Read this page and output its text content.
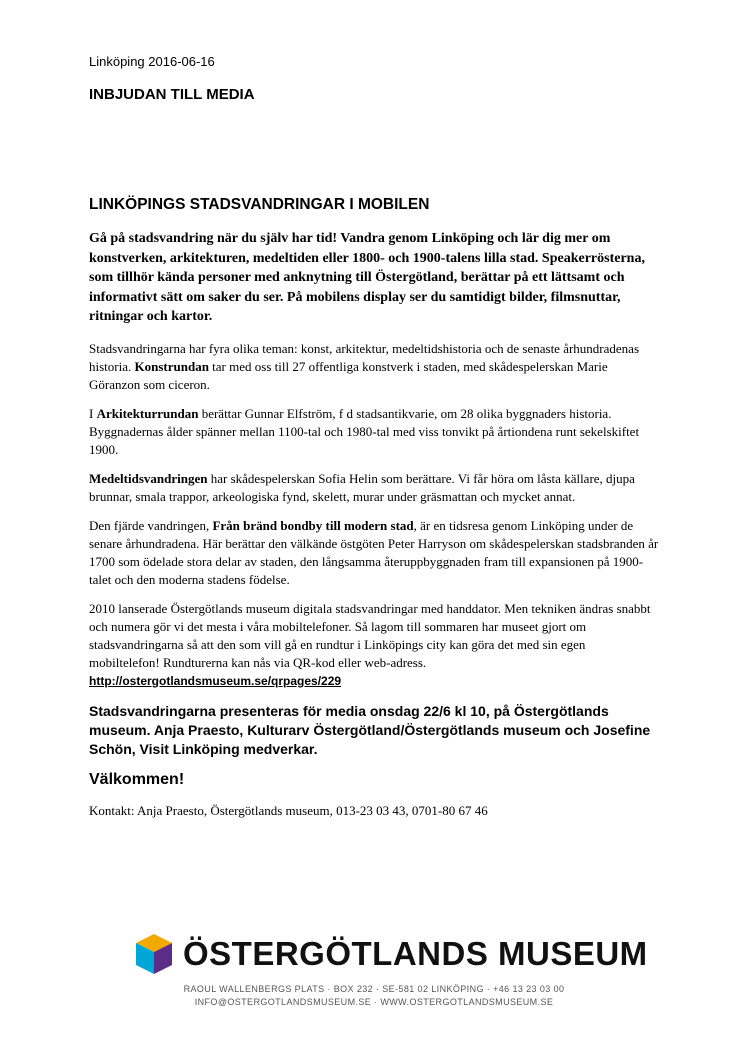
Linköping 2016-06-16
INBJUDAN TILL MEDIA
LINKÖPINGS STADSVANDRINGAR I MOBILEN

Gå på stadsvandring när du själv har tid! Vandra genom Linköping och lär dig mer om konstverken, arkitekturen, medeltiden eller 1800- och 1900-talens lilla stad. Speakerrösterna, som tillhör kända personer med anknytning till Östergötland, berättar på ett lättsamt och informativt sätt om saker du ser. På mobilens display ser du samtidigt bilder, filmsnuttar, ritningar och kartor.

Stadsvandringarna har fyra olika teman: konst, arkitektur, medeltidshistoria och de senaste århundradenas historia. Konstrundan tar med oss till 27 offentliga konstverk i staden, med skådespelerskan Marie Göranzon som ciceron.

I Arkitekturrundan berättar Gunnar Elfström, f d stadsantikvarie, om 28 olika byggnaders historia. Byggnadernas ålder spänner mellan 1100-tal och 1980-tal med viss tonvikt på årtiondena runt sekelskiftet 1900.

Medeltidsvandringen har skådespelerskan Sofia Helin som berättare. Vi får höra om låsta källare, djupa brunnar, smala trappor, arkeologiska fynd, skelett, murar under gräsmattan och mycket annat.

Den fjärde vandringen, Från bränd bondby till modern stad, är en tidsresa genom Linköping under de senare århundradena. Här berättar den välkände östgöten Peter Harryson om skådespelerskan stadsbranden år 1700 som ödelade stora delar av staden, den långsamma återuppbyggnaden fram till expansionen på 1900-talet och den moderna stadens födelse.

2010 lanserade Östergötlands museum digitala stadsvandringar med handdator. Men tekniken ändras snabbt och numera gör vi det mesta i våra mobiltelefoner. Så lagom till sommaren har museet gjort om stadsvandringarna så att den som vill gå en rundtur i Linköpings city kan göra det med sin egen mobiltelefon! Rundturerna kan nås via QR-kod eller web-adress.
http://ostergotlandsmuseum.se/qrpages/229

Stadsvandringarna presenteras för media onsdag 22/6 kl 10, på Östergötlands museum. Anja Praesto, Kulturarv Östergötland/Östergötlands museum och Josefine Schön, Visit Linköping medverkar.

Välkommen!

Kontakt: Anja Praesto, Östergötlands museum, 013-23 03 43, 0701-80 67 46

ÖSTERGÖTLANDS MUSEUM
RAOUL WALLENBERGS PLATS · BOX 232 · SE-581 02 LINKÖPING · +46 13 23 03 00
INFO@OSTERGOTLANDSMUSEUM.SE · WWW.OSTERGOTLANDSMUSEUM.SE
